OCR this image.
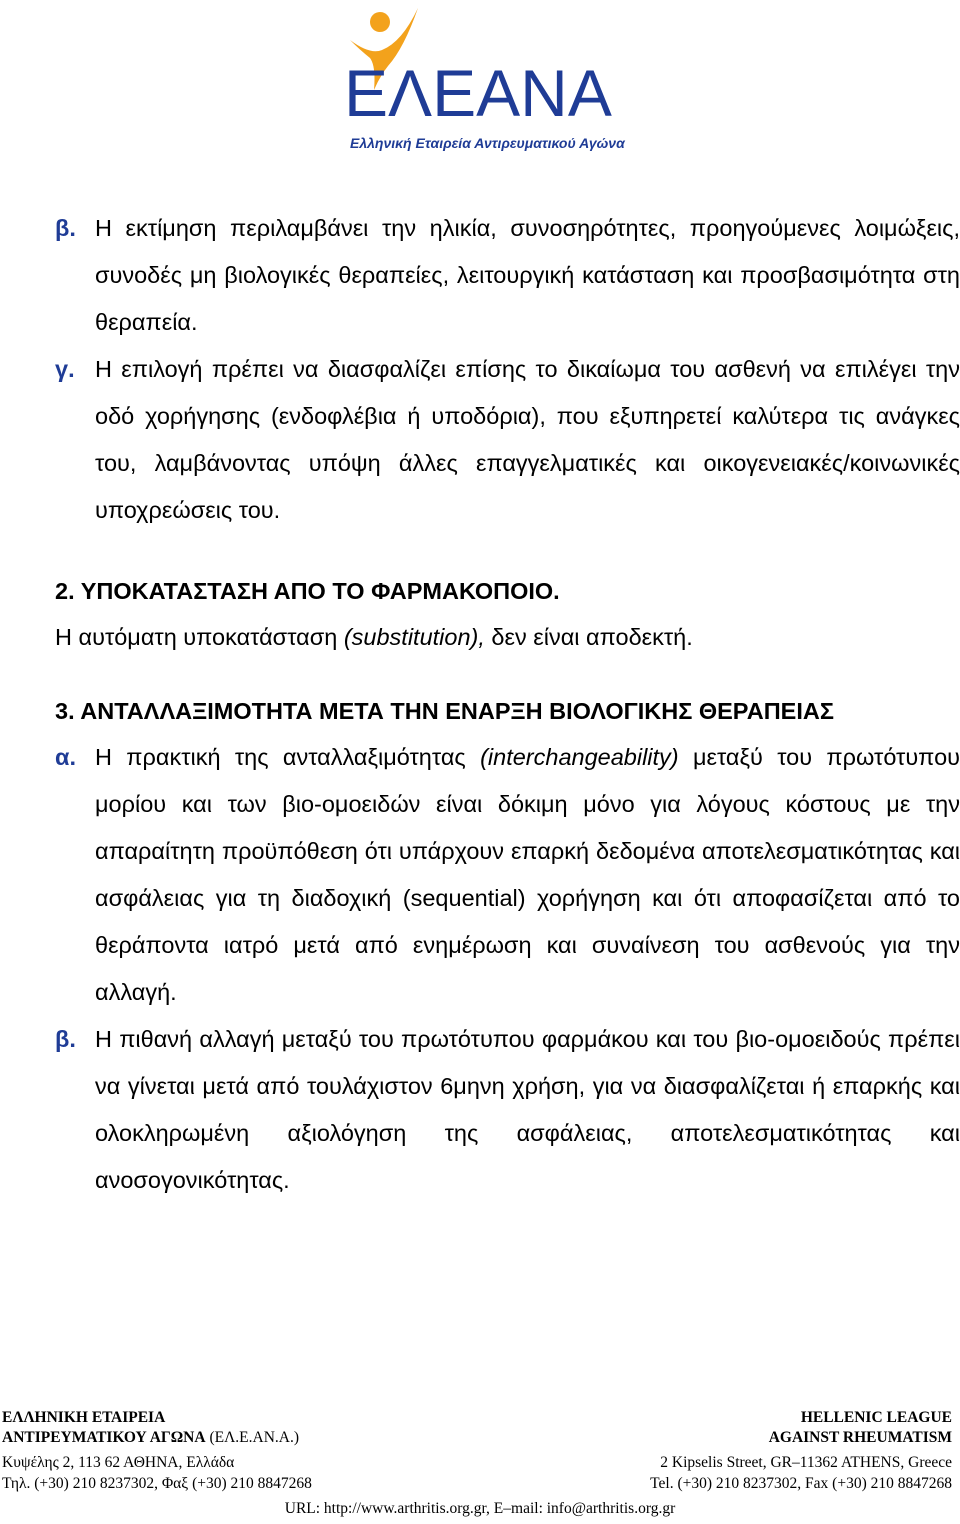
ΕΛΕΑΝΑ
Ελληνική Εταιρεία Αντιρευματικού Αγώνα
β. Η εκτίμηση περιλαμβάνει την ηλικία, συνοσηρότητες, προηγούμενες λοιμώξεις, συνοδές μη βιολογικές θεραπείες, λειτουργική κατάσταση και προσβασιμότητα στη θεραπεία.
γ. Η επιλογή πρέπει να διασφαλίζει επίσης το δικαίωμα του ασθενή να επιλέγει την οδό χορήγησης (ενδοφλέβια ή υποδόρια), που εξυπηρετεί καλύτερα τις ανάγκες του, λαμβάνοντας υπόψη άλλες επαγγελματικές και οικογενειακές/κοινωνικές υποχρεώσεις του.
2. ΥΠΟΚΑΤΑΣΤΑΣΗ ΑΠΟ ΤΟ ΦΑΡΜΑΚΟΠΟΙΟ.
Η αυτόματη υποκατάσταση (substitution), δεν είναι αποδεκτή.
3. ΑΝΤΑΛΛΑΞΙΜΟΤΗΤΑ ΜΕΤΑ ΤΗΝ ΕΝΑΡΞΗ ΒΙΟΛΟΓΙΚΗΣ ΘΕΡΑΠΕΙΑΣ
α. Η πρακτική της ανταλλαξιμότητας (interchangeability) μεταξύ του πρωτότυπου μορίου και των βιο-ομοειδών είναι δόκιμη μόνο για λόγους κόστους με την απαραίτητη προϋπόθεση ότι υπάρχουν επαρκή δεδομένα αποτελεσματικότητας και ασφάλειας για τη διαδοχική (sequential) χορήγηση και ότι αποφασίζεται από το θεράποντα ιατρό μετά από ενημέρωση και συναίνεση του ασθενούς για την αλλαγή.
β. Η πιθανή αλλαγή μεταξύ του πρωτότυπου φαρμάκου και του βιο-ομοειδούς πρέπει να γίνεται μετά από τουλάχιστον 6μηνη χρήση, για να διασφαλίζεται ή επαρκής και ολοκληρωμένη αξιολόγηση της ασφάλειας, αποτελεσματικότητας και ανοσογονικότητας.
ΕΛΛΗΝΙΚΗ ΕΤΑΙΡΕΙΑ
ΑΝΤΙΡΕΥΜΑΤΙΚΟΥ ΑΓΩΝΑ (ΕΛ.Ε.ΑΝ.Α.)
Κυψέλης 2, 113 62 ΑΘΗΝΑ, Ελλάδα
Τηλ. (+30) 210 8237302, Φαξ (+30) 210 8847268
HELLENIC LEAGUE
AGAINST RHEUMATISM
2 Kipselis Street, GR–11362 ATHENS, Greece
Tel. (+30) 210 8237302, Fax (+30) 210 8847268
URL: http://www.arthritis.org.gr, E–mail: info@arthritis.org.gr
